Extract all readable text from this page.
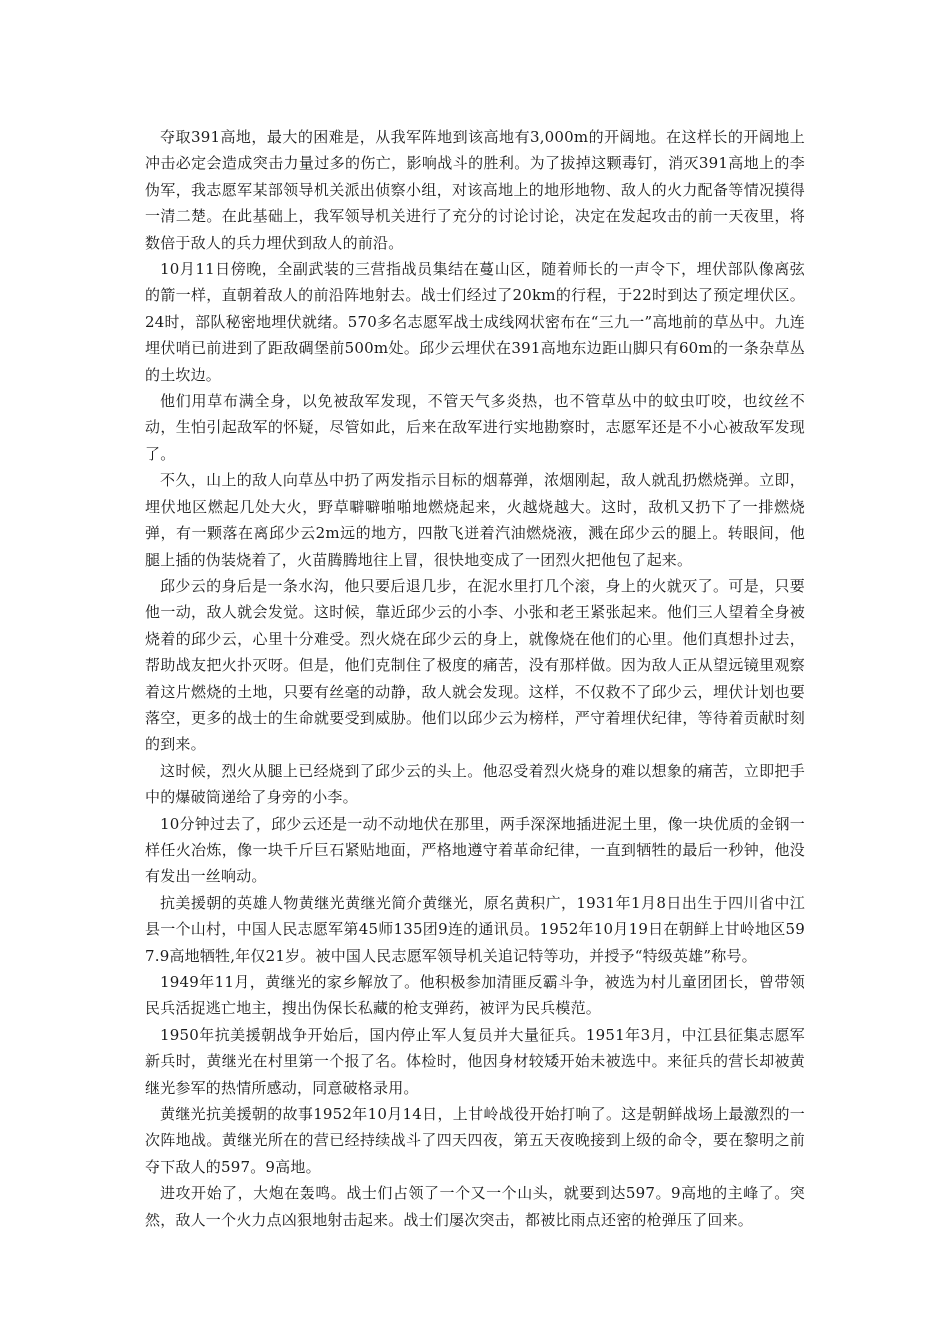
夺取391高地，最大的困难是，从我军阵地到该高地有3,000m的开阔地。在这样长的开阔地上冲击必定会造成突击力量过多的伤亡，影响战斗的胜利。为了拔掉这颗毒钉，消灭391高地上的李伪军，我志愿军某部领导机关派出侦察小组，对该高地上的地形地物、敌人的火力配备等情况摸得一清二楚。在此基础上，我军领导机关进行了充分的讨论讨论，决定在发起攻击的前一天夜里，将数倍于敌人的兵力埋伏到敌人的前沿。

10月11日傍晚，全副武装的三营指战员集结在蔓山区，随着师长的一声令下，埋伏部队像离弦的箭一样，直朝着敌人的前沿阵地射去。战士们经过了20km的行程，于22时到达了预定埋伏区。24时，部队秘密地埋伏就绪。570多名志愿军战士成线网状密布在“三九一”高地前的草丛中。九连埋伏哨已前进到了距敌碉堡前500m处。邱少云埋伏在391高地东边距山脚只有60m的一条杂草丛的土坎边。

他们用草布满全身，以免被敌军发现，不管天气多炎热，也不管草丛中的蚊虫叮咬，也纹丝不动，生怕引起敌军的怀疑，尽管如此，后来在敌军进行实地勘察时，志愿军还是不小心被敌军发现了。

不久，山上的敌人向草丛中扔了两发指示目标的烟幕弹，浓烟刚起，敌人就乱扔燃烧弹。立即，埋伏地区燃起几处大火，野草噼噼啪啪地燃烧起来，火越烧越大。这时，敌机又扔下了一排燃烧弹，有一颗落在离邱少云2m远的地方，四散飞迸着汽油燃烧液，溅在邱少云的腿上。转眼间，他腿上插的伪装烧着了，火苗腾腾地往上冒，很快地变成了一团烈火把他包了起来。

邱少云的身后是一条水沟，他只要后退几步，在泥水里打几个滚，身上的火就灭了。可是，只要他一动，敌人就会发觉。这时候，靠近邱少云的小李、小张和老王紧张起来。他们三人望着全身被烧着的邱少云，心里十分难受。烈火烧在邱少云的身上，就像烧在他们的心里。他们真想扑过去，帮助战友把火扑灭呀。但是，他们克制住了极度的痛苦，没有那样做。因为敌人正从望远镜里观察着这片燃烧的土地，只要有丝毫的动静，敌人就会发现。这样，不仅救不了邱少云，埋伏计划也要落空，更多的战士的生命就要受到威胁。他们以邱少云为榜样，严守着埋伏纪律，等待着贡献时刻的到来。

这时候，烈火从腿上已经烧到了邱少云的头上。他忍受着烈火烧身的难以想象的痛苦，立即把手中的爆破筒递给了身旁的小李。

10分钟过去了，邱少云还是一动不动地伏在那里，两手深深地插进泥土里，像一块优质的金钢一样任火冶炼，像一块千斤巨石紧贴地面，严格地遵守着革命纪律，一直到牺牲的最后一秒钟，他没有发出一丝响动。

抗美援朝的英雄人物黄继光黄继光简介黄继光，原名黄积广，1931年1月8日出生于四川省中江县一个山村，中国人民志愿军第45师135团9连的通讯员。1952年10月19日在朝鲜上甘岭地区597.9高地牺牲,年仅21岁。被中国人民志愿军领导机关追记特等功，并授予“特级英雄”称号。

1949年11月，黄继光的家乡解放了。他积极参加清匪反霸斗争，被选为村儿童团团长，曾带领民兵活捉逃亡地主，搜出伪保长私藏的枪支弹药，被评为民兵模范。

1950年抗美援朝战争开始后，国内停止军人复员并大量征兵。1951年3月，中江县征集志愿军新兵时，黄继光在村里第一个报了名。体检时，他因身材较矮开始未被选中。来征兵的营长却被黄继光参军的热情所感动，同意破格录用。

黄继光抗美援朝的故事1952年10月14日，上甘岭战役开始打响了。这是朝鲜战场上最激烈的一次阵地战。黄继光所在的营已经持续战斗了四天四夜，第五天夜晚接到上级的命令，要在黎明之前夺下敌人的597。9高地。

进攻开始了，大炮在轰鸣。战士们占领了一个又一个山头，就要到达597。9高地的主峰了。突然，敌人一个火力点凶狠地射击起来。战士们屡次突击，都被比雨点还密的枪弹压了回来。
